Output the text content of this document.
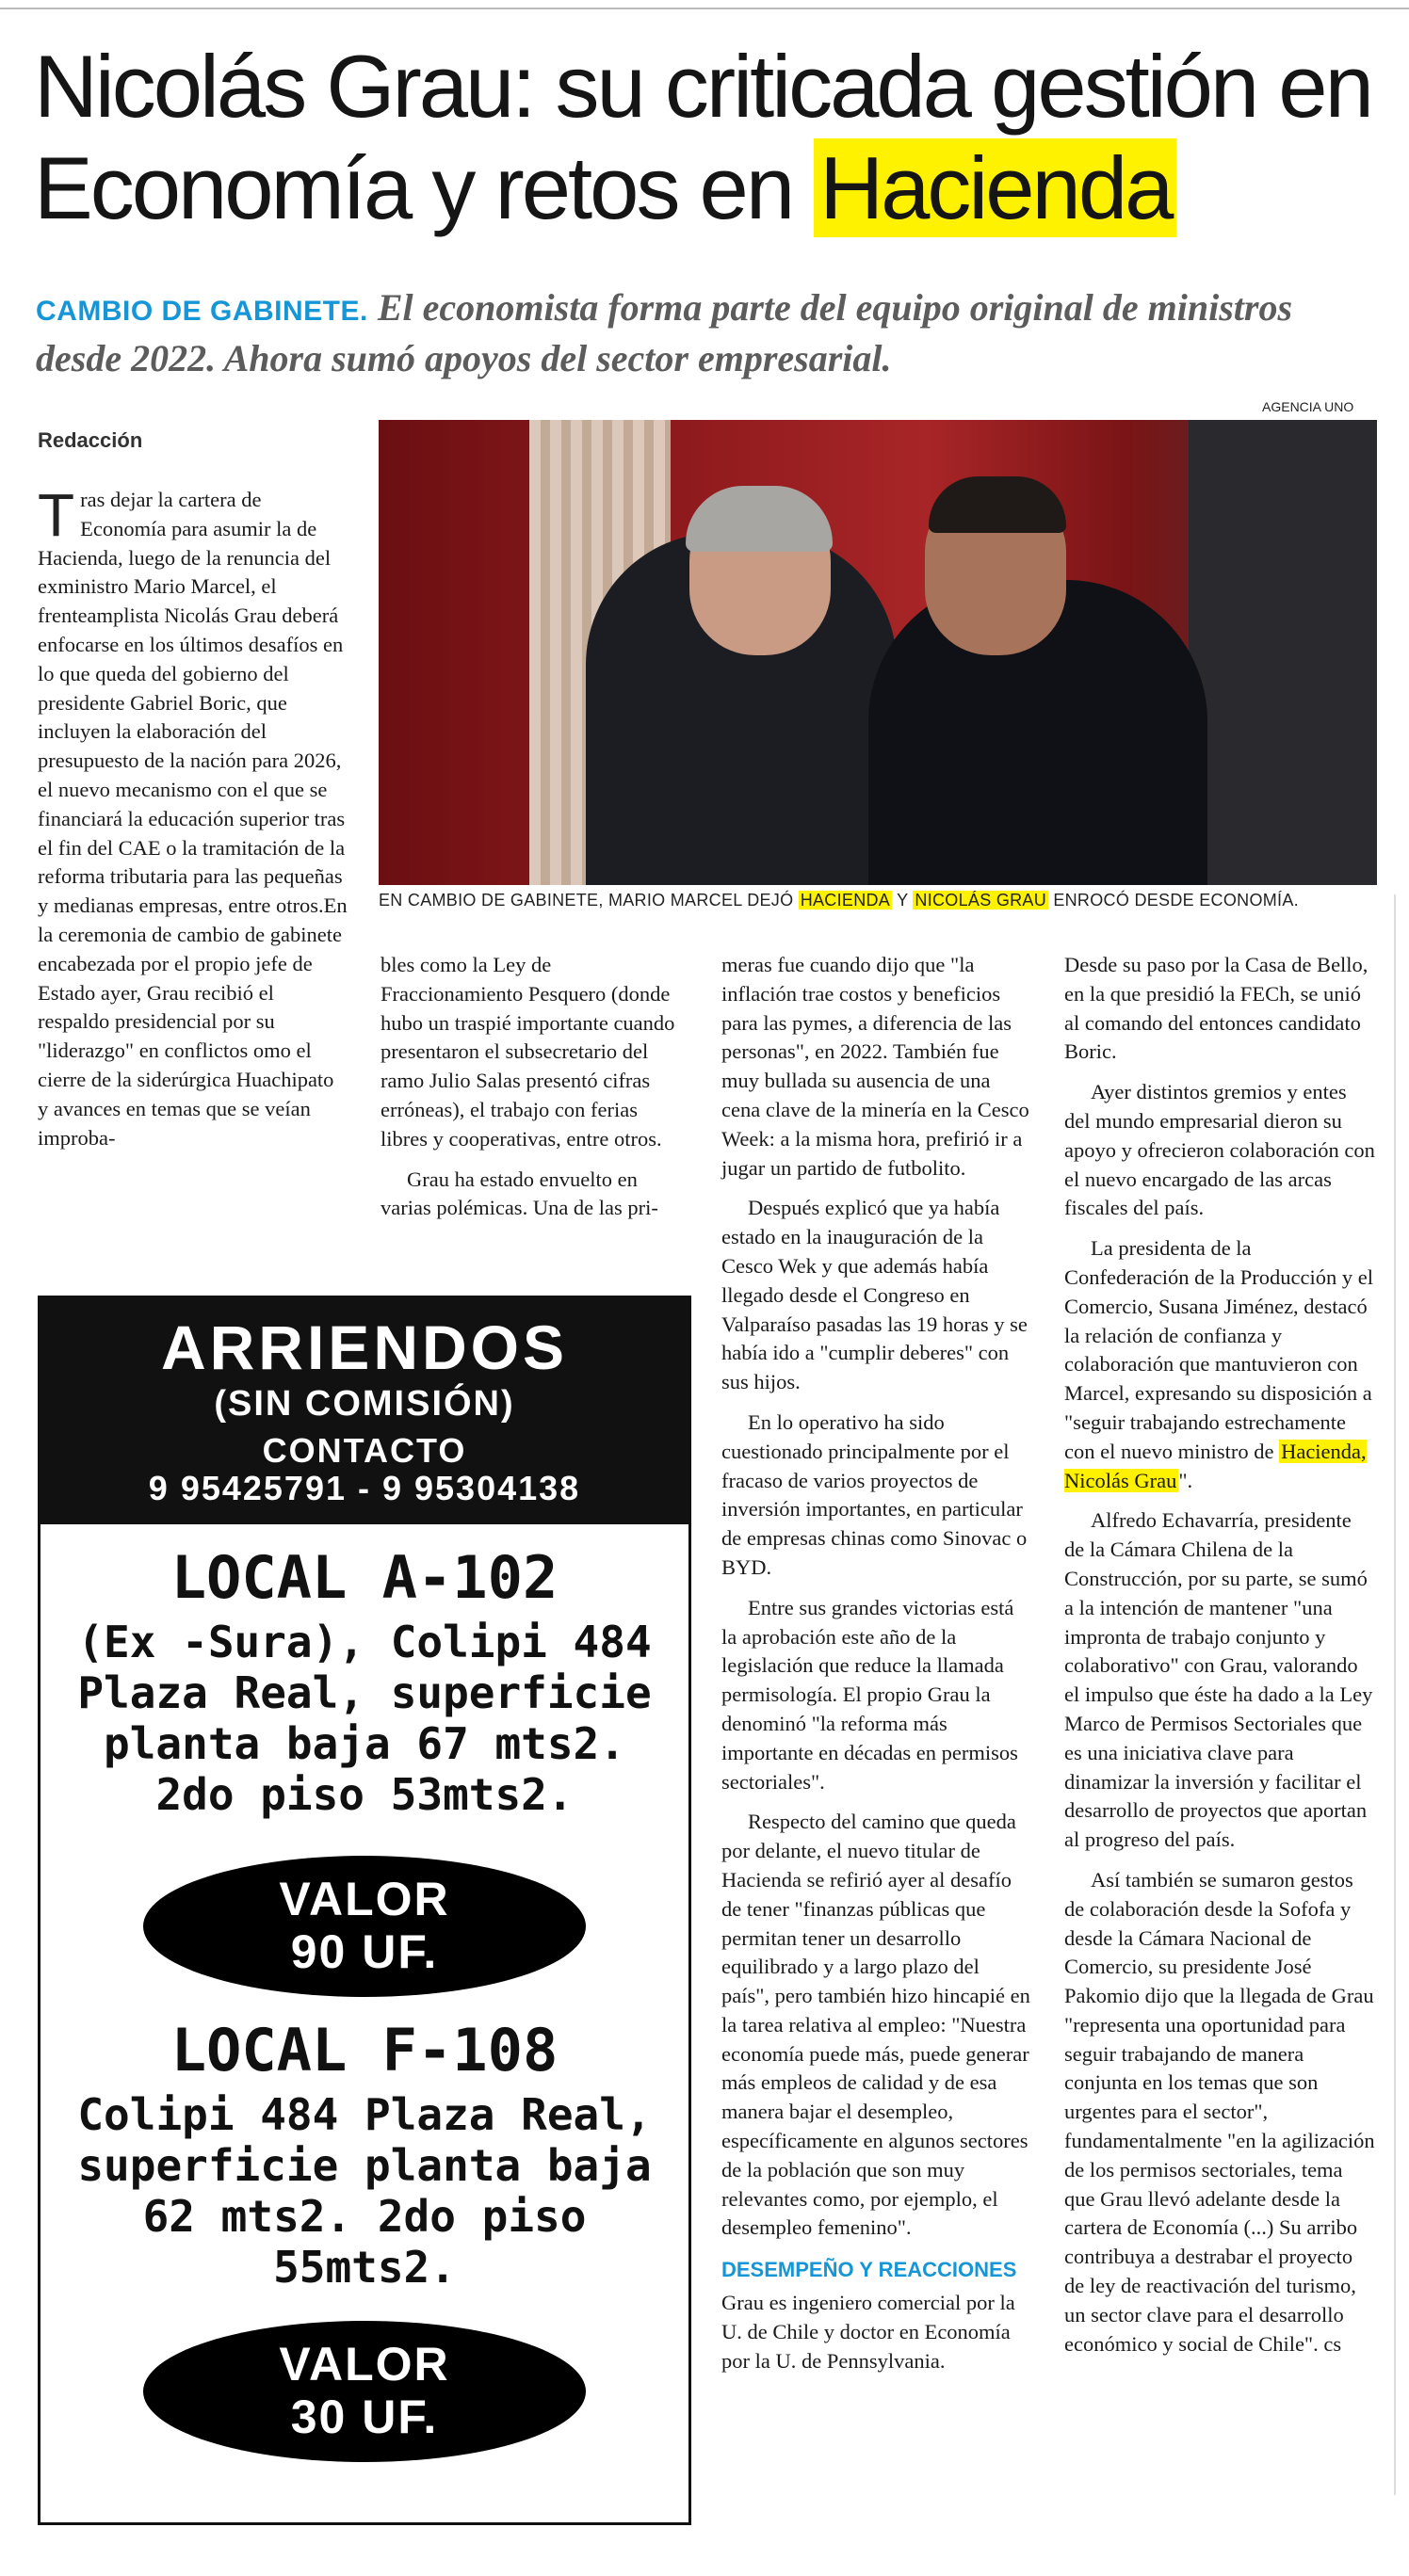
Nicolás Grau: su criticada gestión en Economía y retos en Hacienda
CAMBIO DE GABINETE. El economista forma parte del equipo original de ministros desde 2022. Ahora sumó apoyos del sector empresarial.
AGENCIA UNO
Redacción
EN CAMBIO DE GABINETE, MARIO MARCEL DEJÓ HACIENDA Y NICOLÁS GRAU ENROCÓ DESDE ECONOMÍA.

Tras dejar la cartera de Economía para asumir la de Hacienda, luego de la renuncia del exministro Mario Marcel, el frenteamplista Nicolás Grau deberá enfocarse en los últimos desafíos en lo que queda del gobierno del presidente Gabriel Boric, que incluyen la elaboración del presupuesto de la nación para 2026, el nuevo mecanismo con el que se financiará la educación superior tras el fin del CAE o la tramitación de la reforma tributaria para las pequeñas y medianas empresas, entre otros.En la ceremonia de cambio de gabinete encabezada por el propio jefe de Estado ayer, Grau recibió el respaldo presidencial por su "liderazgo" en conflictos omo el cierre de la siderúrgica Huachipato y avances en temas que se veían improba-

bles como la Ley de Fraccionamiento Pesquero (donde hubo un traspié importante cuando presentaron el subsecretario del ramo Julio Salas presentó cifras erróneas), el trabajo con ferias libres y cooperativas, entre otros.

Grau ha estado envuelto en varias polémicas. Una de las pri-

meras fue cuando dijo que "la inflación trae costos y beneficios para las pymes, a diferencia de las personas", en 2022. También fue muy bullada su ausencia de una cena clave de la minería en la Cesco Week: a la misma hora, prefirió ir a jugar un partido de futbolito.

Después explicó que ya había estado en la inauguración de la Cesco Wek y que además había llegado desde el Congreso en Valparaíso pasadas las 19 horas y se había ido a "cumplir deberes" con sus hijos.

En lo operativo ha sido cuestionado principalmente por el fracaso de varios proyectos de inversión importantes, en particular de empresas chinas como Sinovac o BYD.

Entre sus grandes victorias está la aprobación este año de la legislación que reduce la llamada permisología. El propio Grau la denominó "la reforma más importante en décadas en permisos sectoriales".

Respecto del camino que queda por delante, el nuevo titular de Hacienda se refirió ayer al desafío de tener "finanzas públicas que permitan tener un desarrollo equilibrado y a largo plazo del país", pero también hizo hincapié en la tarea relativa al empleo: "Nuestra economía puede más, puede generar más empleos de calidad y de esa manera bajar el desempleo, específicamente en algunos sectores de la población que son muy relevantes como, por ejemplo, el desempleo femenino".

DESEMPEÑO Y REACCIONES

Grau es ingeniero comercial por la U. de Chile y doctor en Economía por la U. de Pennsylvania.

Desde su paso por la Casa de Bello, en la que presidió la FECh, se unió al comando del entonces candidato Boric.

Ayer distintos gremios y entes del mundo empresarial dieron su apoyo y ofrecieron colaboración con el nuevo encargado de las arcas fiscales del país.

La presidenta de la Confederación de la Producción y el Comercio, Susana Jiménez, destacó la relación de confianza y colaboración que mantuvieron con Marcel, expresando su disposición a "seguir trabajando estrechamente con el nuevo ministro de Hacienda, Nicolás Grau".

Alfredo Echavarría, presidente de la Cámara Chilena de la Construcción, por su parte, se sumó a la intención de mantener "una impronta de trabajo conjunto y colaborativo" con Grau, valorando el impulso que éste ha dado a la Ley Marco de Permisos Sectoriales que es una iniciativa clave para dinamizar la inversión y facilitar el desarrollo de proyectos que aportan al progreso del país.

Así también se sumaron gestos de colaboración desde la Sofofa y desde la Cámara Nacional de Comercio, su presidente José Pakomio dijo que la llegada de Grau "representa una oportunidad para seguir trabajando de manera conjunta en los temas que son urgentes para el sector", fundamentalmente "en la agilización de los permisos sectoriales, tema que Grau llevó adelante desde la cartera de Economía (...) Su arribo contribuya a destrabar el proyecto de ley de reactivación del turismo, un sector clave para el desarrollo económico y social de Chile". cs

ARRIENDOS
(SIN COMISIÓN)
CONTACTO
9 95425791 - 9 95304138
LOCAL A-102
(Ex -Sura), Colipi 484 Plaza Real, superficie planta baja 67 mts2. 2do piso 53mts2.
VALOR
90 UF.
LOCAL F-108
Colipi 484 Plaza Real, superficie planta baja 62 mts2. 2do piso 55mts2.
VALOR
30 UF.
